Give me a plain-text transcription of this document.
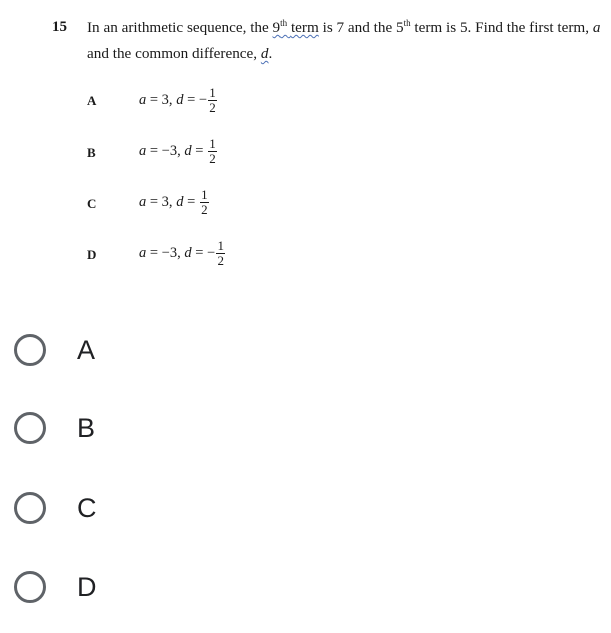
15 In an arithmetic sequence, the 9th term is 7 and the 5th term is 5. Find the first term, a
and the common difference, d.
A	a = 3, d = − $\frac{1}{2}$
B	a = −3, $d = \frac{1}{2}$
C	a = 3, $d = \frac{1}{2}$
D	a = −3, d = − $\frac{1}{2}$
A
B
C
D
